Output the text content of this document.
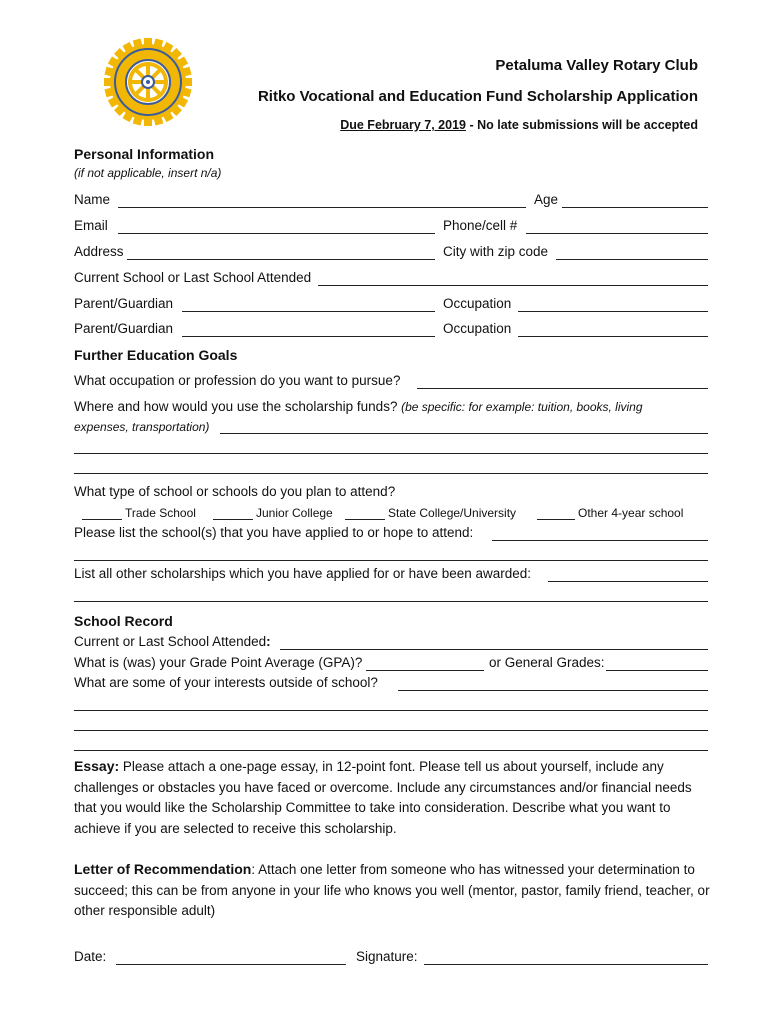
Petaluma Valley Rotary Club
Ritko Vocational and Education Fund Scholarship Application
Due February 7, 2019 - No late submissions will be accepted
Personal Information
(if not applicable, insert n/a)
Name	Age
Email	Phone/cell #
Address	City with zip code
Current School or Last School Attended
Parent/Guardian	Occupation
Parent/Guardian	Occupation
Further Education Goals
What occupation or profession do you want to pursue?
Where and how would you use the scholarship funds? (be specific: for example: tuition, books, living
expenses, transportation)
What type of school or schools do you plan to attend?
Trade School	Junior College	State College/University	Other 4-year school
Please list the school(s) that you have applied to or hope to attend:
List all other scholarships which you have applied for or have been awarded:
School Record
Current or Last School Attended:
What is (was) your Grade Point Average (GPA)?	or General Grades:
What are some of your interests outside of school?
Essay: Please attach a one-page essay, in 12-point font. Please tell us about yourself, include any challenges or obstacles you have faced or overcome. Include any circumstances and/or financial needs that you would like the Scholarship Committee to take into consideration. Describe what you want to achieve if you are selected to receive this scholarship.
Letter of Recommendation: Attach one letter from someone who has witnessed your determination to succeed; this can be from anyone in your life who knows you well (mentor, pastor, family friend, teacher, or other responsible adult)
Date:	Signature:
